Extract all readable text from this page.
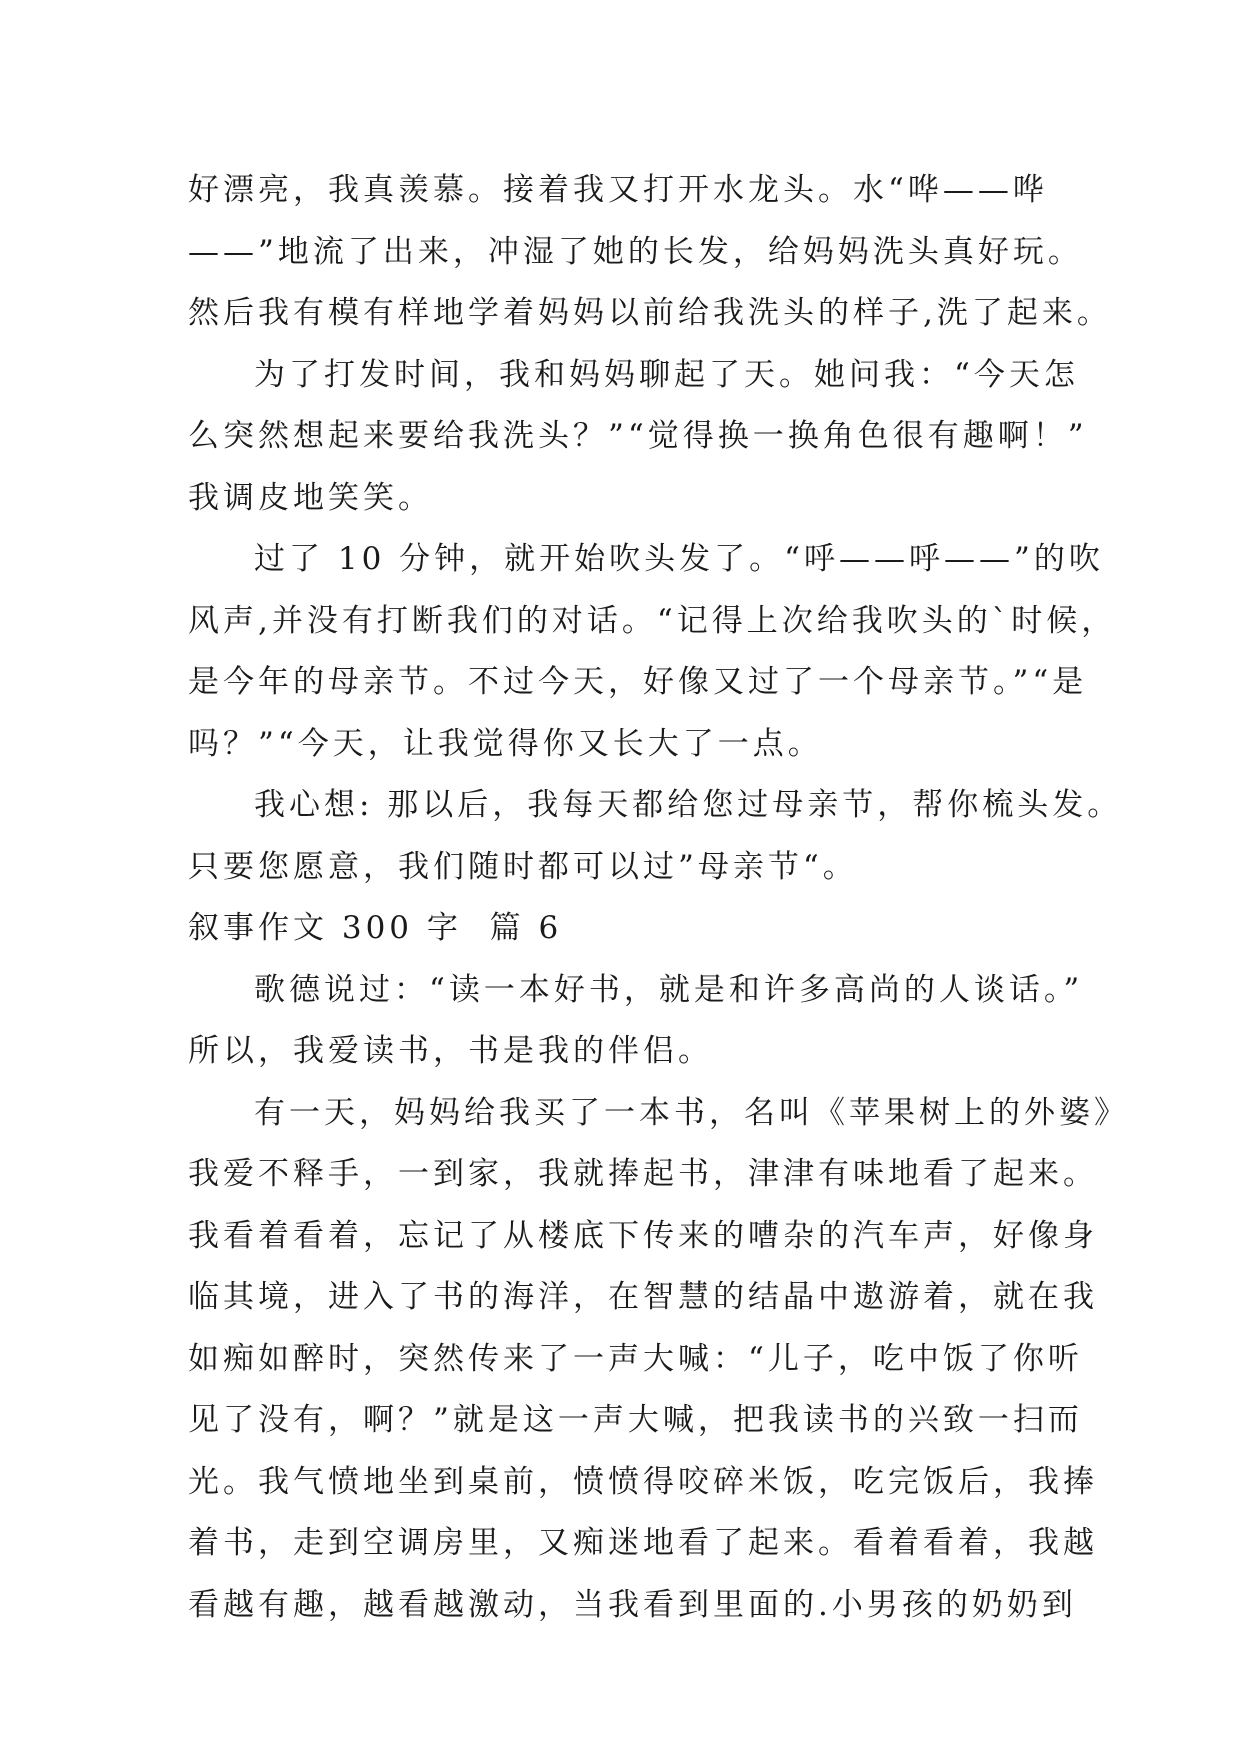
好漂亮，我真羡慕。接着我又打开水龙头。水“哗——哗
——”地流了出来，冲湿了她的长发，给妈妈洗头真好玩。
然后我有模有样地学着妈妈以前给我洗头的样子,洗了起来。
为了打发时间，我和妈妈聊起了天。她问我：“今天怎
么突然想起来要给我洗头？”“觉得换一换角色很有趣啊！”
我调皮地笑笑。
过了 10 分钟，就开始吹头发了。“呼——呼——”的吹
风声,并没有打断我们的对话。“记得上次给我吹头的`时候，
是今年的母亲节。不过今天，好像又过了一个母亲节。”“是
吗？”“今天，让我觉得你又长大了一点。
我心想: 那以后，我每天都给您过母亲节，帮你梳头发。
只要您愿意，我们随时都可以过”母亲节“。
叙事作文 300 字  篇 6
歌德说过：“读一本好书，就是和许多高尚的人谈话。”
所以，我爱读书，书是我的伴侣。
有一天，妈妈给我买了一本书，名叫《苹果树上的外婆》
我爱不释手，一到家，我就捧起书，津津有味地看了起来。
我看着看着，忘记了从楼底下传来的嘈杂的汽车声，好像身
临其境，进入了书的海洋，在智慧的结晶中遨游着，就在我
如痴如醉时，突然传来了一声大喊：“儿子，吃中饭了你听
见了没有，啊？”就是这一声大喊，把我读书的兴致一扫而
光。我气愤地坐到桌前，愤愤得咬碎米饭，吃完饭后，我捧
着书，走到空调房里，又痴迷地看了起来。看着看着，我越
看越有趣，越看越激动，当我看到里面的.小男孩的奶奶到
